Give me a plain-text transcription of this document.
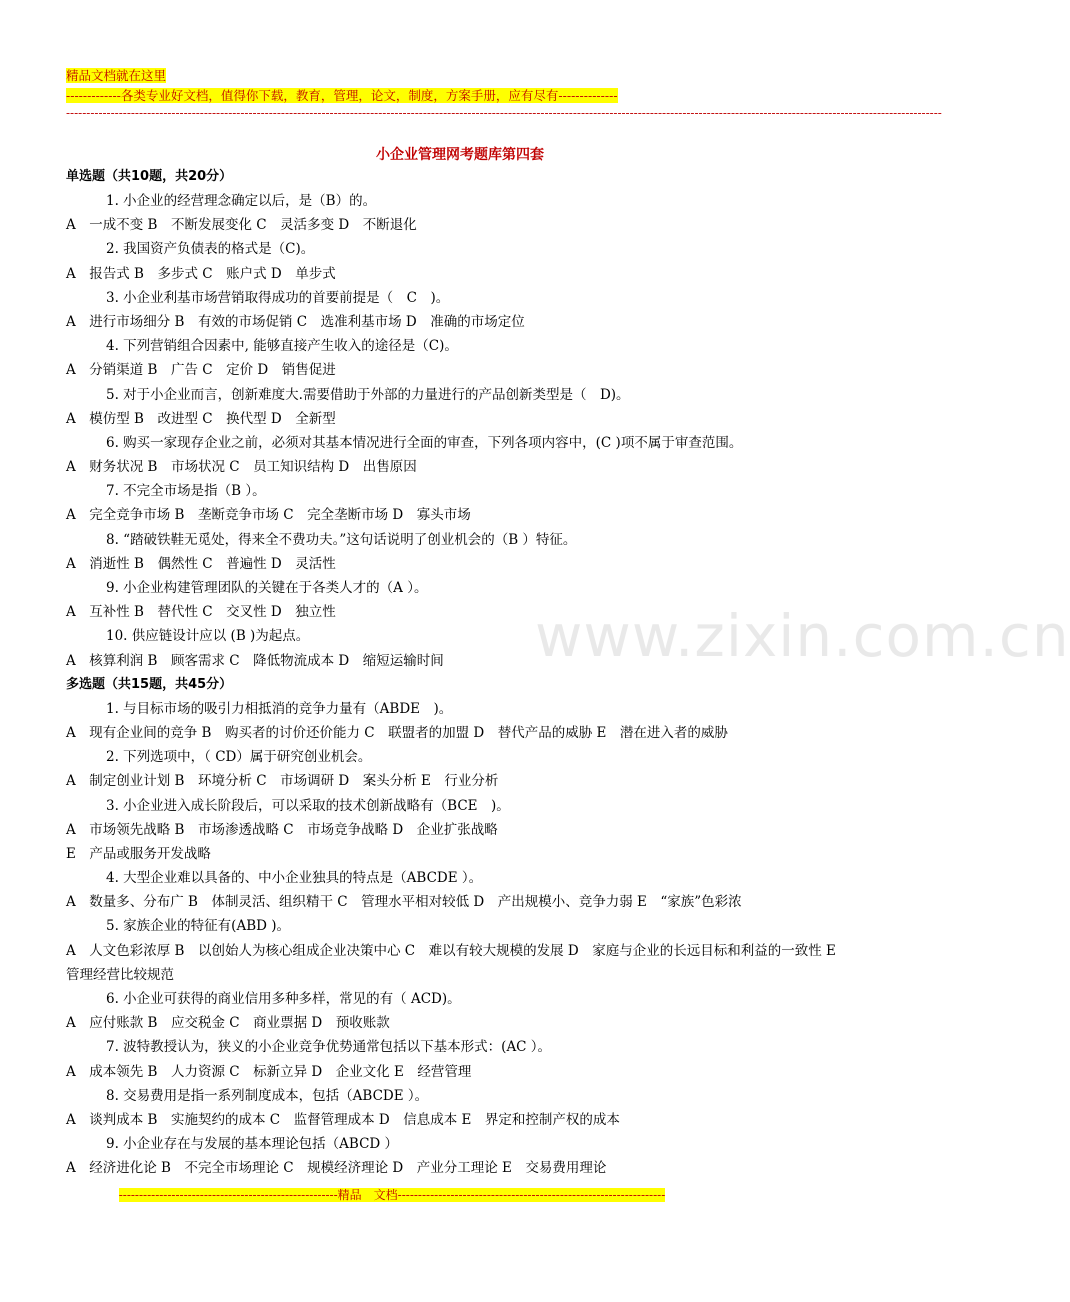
精品文档就在这里
-------------各类专业好文档，值得你下载，教育，管理，论文，制度，方案手册，应有尽有--------------
------------------------------------------------------------------------------------------------------------------------------------------------------------------------------------------------------------------------
www.zixin.com.cn
小企业管理网考题库第四套
单选题（共10题，共20分）
1. 小企业的经营理念确定以后，是（B）的。
A　一成不变 B　不断发展变化 C　灵活多变 D　不断退化
2. 我国资产负债表的格式是（C)。
A　报告式 B　多步式 C　账户式 D　单步式
3. 小企业利基市场营销取得成功的首要前提是（　C　)。
A　进行市场细分 B　有效的市场促销 C　选准利基市场 D　准确的市场定位
4. 下列营销组合因素中, 能够直接产生收入的途径是（C)。
A　分销渠道 B　广告 C　定价 D　销售促进
5. 对于小企业而言，创新难度大.需要借助于外部的力量进行的产品创新类型是（　D)。
A　模仿型 B　改进型 C　换代型 D　全新型
6. 购买一家现存企业之前，必须对其基本情况进行全面的审查，下列各项内容中，(C )项不属于审查范围。
A　财务状况 B　市场状况 C　员工知识结构 D　出售原因
7. 不完全市场是指（B ）。
A　完全竞争市场 B　垄断竞争市场 C　完全垄断市场 D　寡头市场
8. “踏破铁鞋无觅处，得来全不费功夫。”这句话说明了创业机会的（B ）特征。
A　消逝性 B　偶然性 C　普遍性 D　灵活性
9. 小企业构建管理团队的关键在于各类人才的（A ）。
A　互补性 B　替代性 C　交叉性 D　独立性
10. 供应链设计应以 (B )为起点。
A　核算利润 B　顾客需求 C　降低物流成本 D　缩短运输时间
多选题（共15题，共45分）
1. 与目标市场的吸引力相抵消的竞争力量有（ABDE　)。
A　现有企业间的竞争 B　购买者的讨价还价能力 C　联盟者的加盟 D　替代产品的威胁 E　潜在进入者的威胁
2. 下列选项中，（ CD）属于研究创业机会。
A　制定创业计划 B　环境分析 C　市场调研 D　案头分析 E　行业分析
3. 小企业进入成长阶段后，可以采取的技术创新战略有（BCE　)。
A　市场领先战略 B　市场渗透战略 C　市场竞争战略 D　企业扩张战略
E　产品或服务开发战略
4. 大型企业难以具备的、中小企业独具的特点是（ABCDE ）。
A　数量多、分布广 B　体制灵活、组织精干 C　管理水平相对较低 D　产出规模小、竞争力弱 E　“家族”色彩浓
5. 家族企业的特征有(ABD )。
A　人文色彩浓厚 B　以创始人为核心组成企业决策中心 C　难以有较大规模的发展 D　家庭与企业的长远目标和利益的一致性 E　管理经营比较规范
6. 小企业可获得的商业信用多种多样，常见的有（ ACD)。
A　应付账款 B　应交税金 C　商业票据 D　预收账款
7. 波特教授认为，狭义的小企业竞争优势通常包括以下基本形式：(AC ）。
A　成本领先 B　人力资源 C　标新立异 D　企业文化 E　经营管理
8. 交易费用是指一系列制度成本，包括（ABCDE ）。
A　谈判成本 B　实施契约的成本 C　监督管理成本 D　信息成本 E　界定和控制产权的成本
9. 小企业存在与发展的基本理论包括（ABCD ）
A　经济进化论 B　不完全市场理论 C　规模经济理论 D　产业分工理论 E　交易费用理论
------------------------------------------------------精品　文档------------------------------------------------------------------
